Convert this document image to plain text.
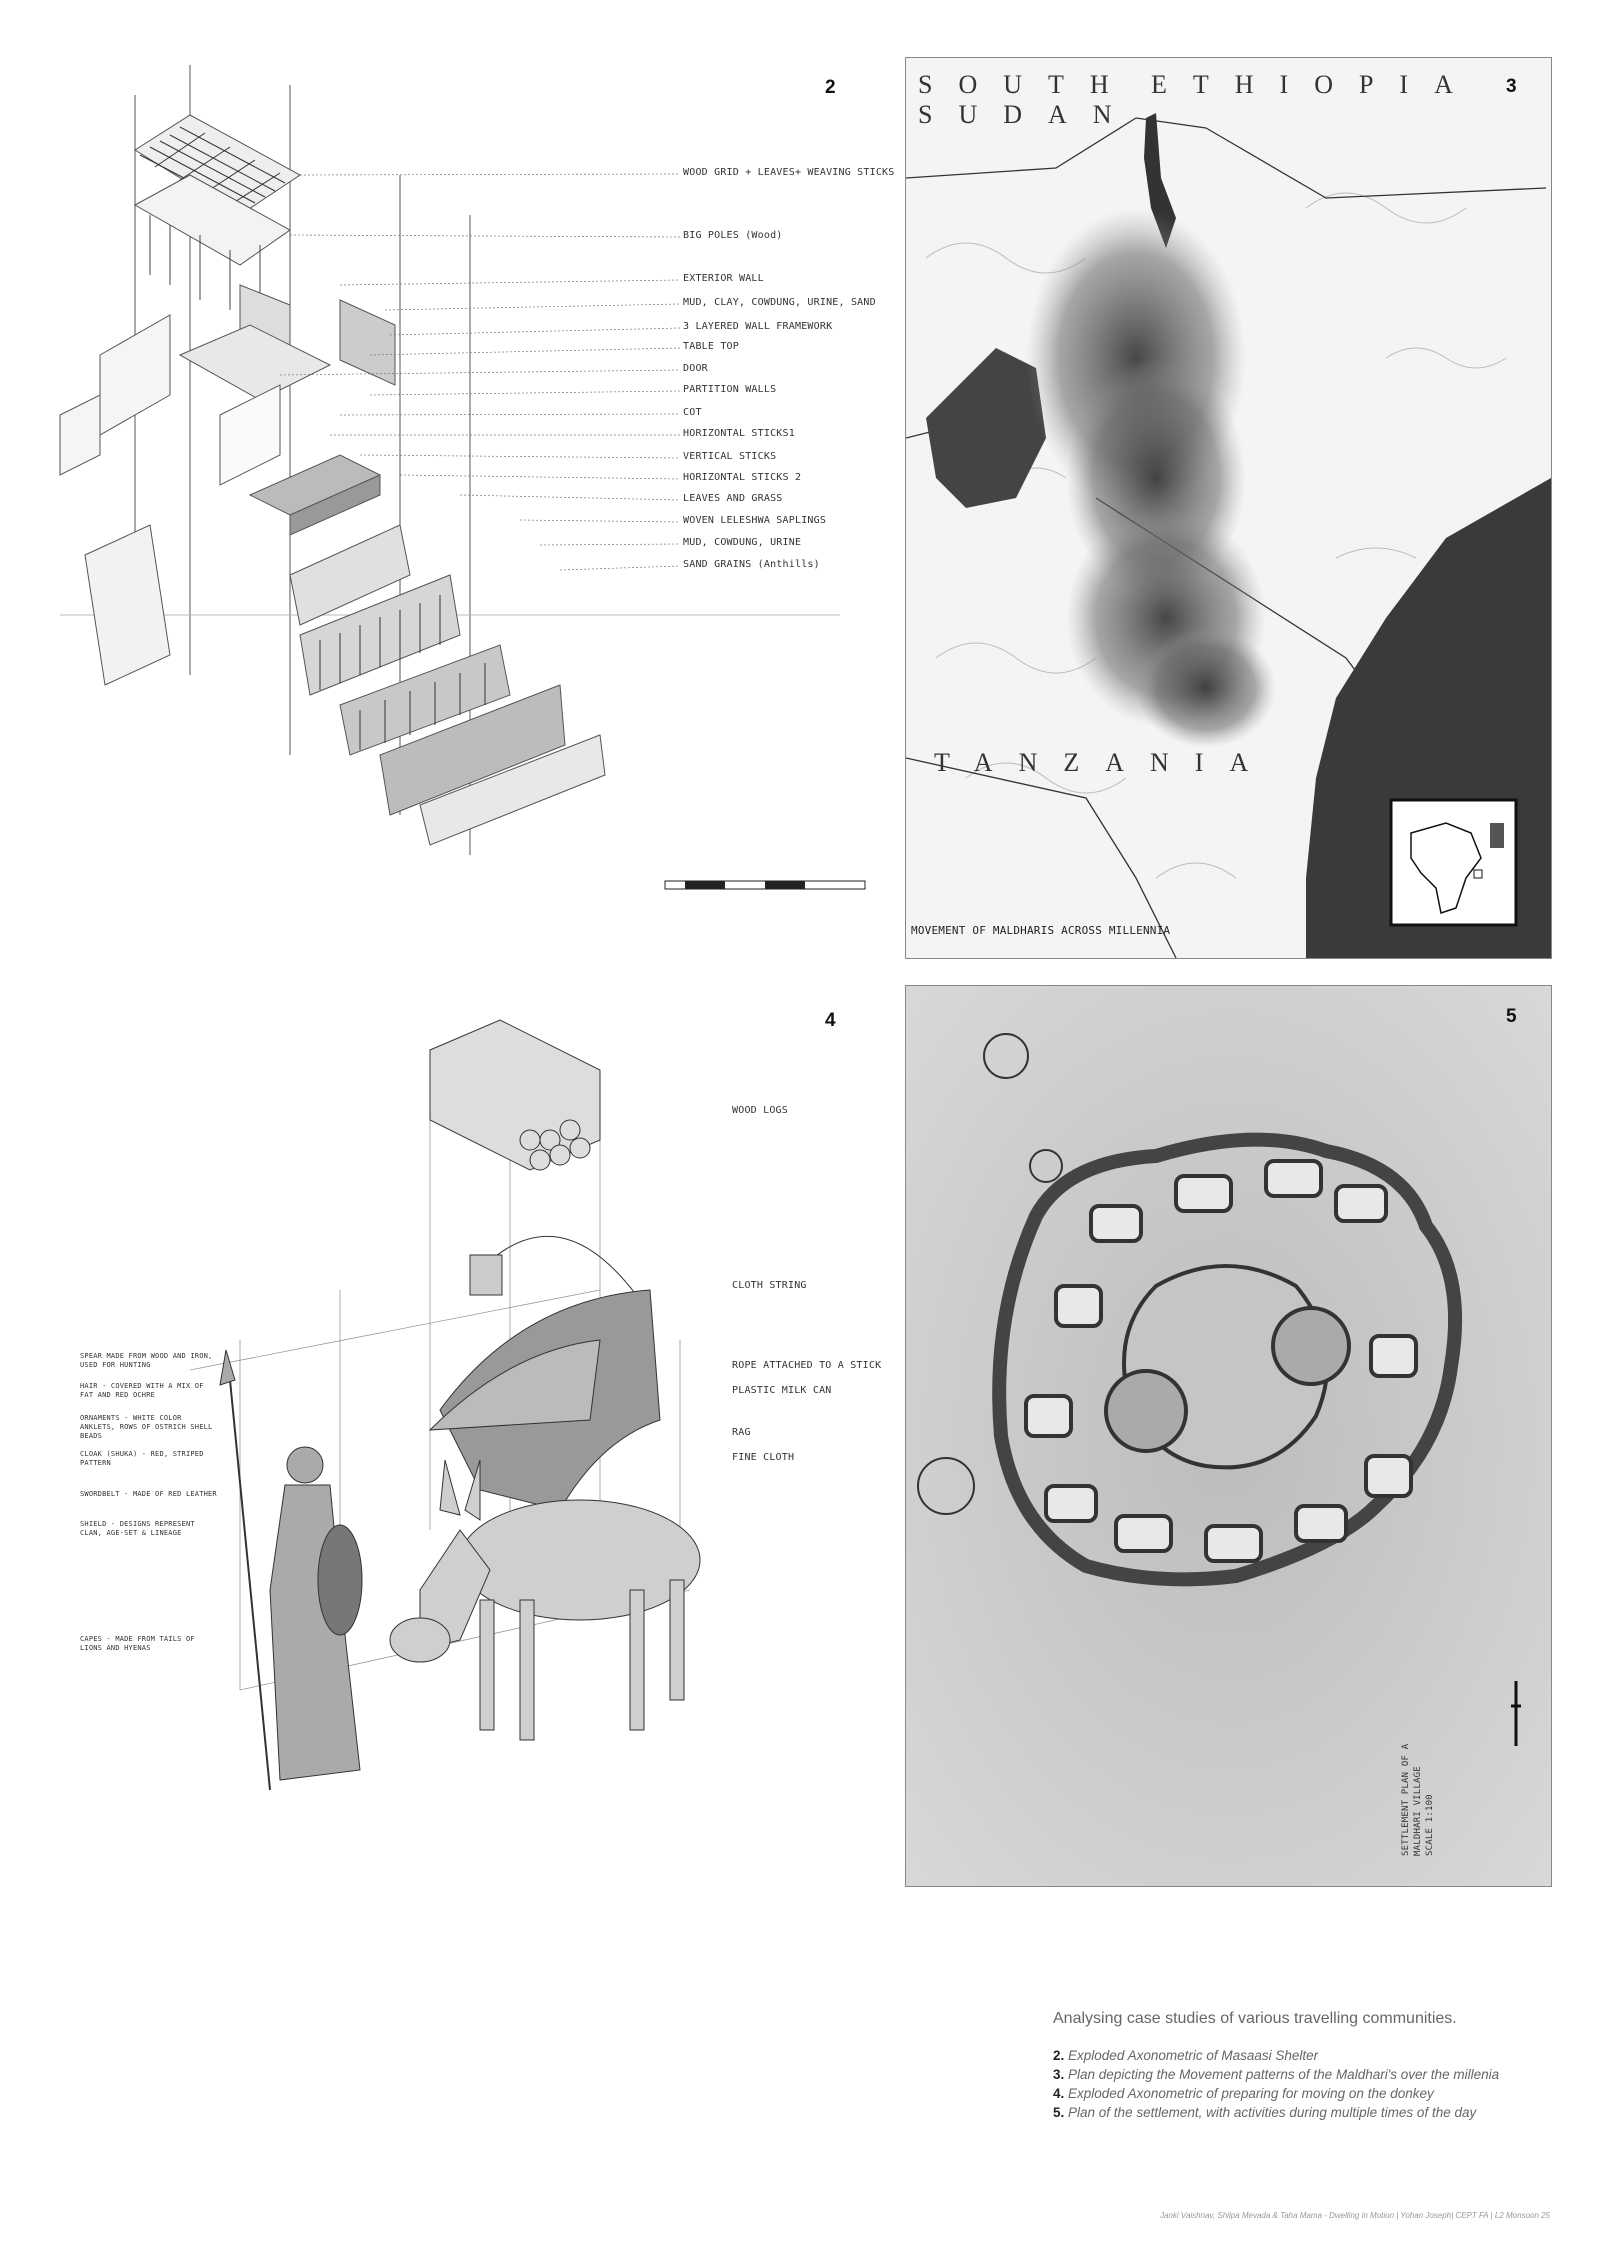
2
WOOD GRID + LEAVES+ WEAVING STICKS
BIG POLES (Wood)
EXTERIOR WALL
MUD, CLAY, COWDUNG, URINE, SAND
3 LAYERED WALL FRAMEWORK
TABLE TOP
DOOR
PARTITION WALLS
COT
HORIZONTAL STICKS1
VERTICAL STICKS
HORIZONTAL STICKS 2
LEAVES AND GRASS
WOVEN LELESHWA SAPLINGS
MUD, COWDUNG, URINE
SAND GRAINS (Anthills)
3
SOUTH ETHIOPIA
SUDAN
TANZANIA
MOVEMENT OF MALDHARIS ACROSS MILLENNIA
4
WOOD LOGS
CLOTH STRING
ROPE ATTACHED TO A STICK
PLASTIC MILK CAN
RAG
FINE CLOTH
SPEAR MADE FROM WOOD AND IRON, USED FOR HUNTING
HAIR - COVERED WITH A MIX OF FAT AND RED OCHRE
ORNAMENTS - WHITE COLOR ANKLETS, ROWS OF OSTRICH SHELL BEADS
CLOAK (SHUKA) - RED, STRIPED PATTERN
SWORDBELT - MADE OF RED LEATHER
SHIELD - DESIGNS REPRESENT CLAN, AGE-SET & LINEAGE
CAPES - MADE FROM TAILS OF LIONS AND HYENAS
5
SETTLEMENT PLAN OF A MALDHARI VILLAGE SCALE 1:100
Analysing case studies of various travelling communities.
2. Exploded Axonometric of Masaasi Shelter
3. Plan depicting the Movement patterns of the Maldhari's over the millenia
4. Exploded Axonometric of preparing for moving on the donkey
5. Plan of the settlement, with activities during multiple times of the day
Janki Vaishnav, Shilpa Mevada & Taha Mama - Dwelling in Motion | Yohan Joseph| CEPT FA | L2 Monsoon 25
